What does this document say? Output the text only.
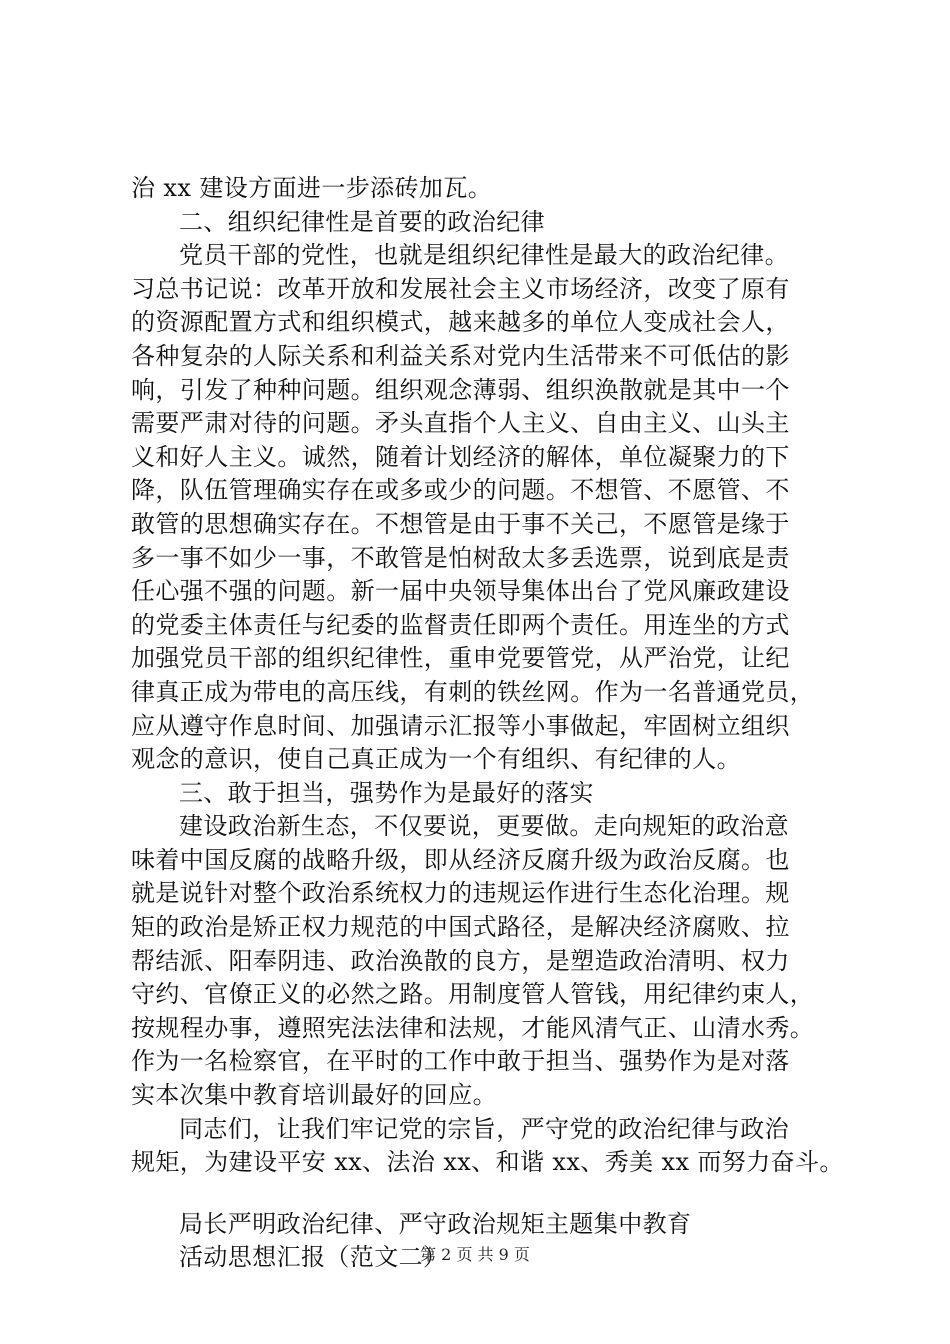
治 xx 建设方面进一步添砖加瓦。
二、组织纪律性是首要的政治纪律
党员干部的党性，也就是组织纪律性是最大的政治纪律。
习总书记说：改革开放和发展社会主义市场经济，改变了原有
的资源配置方式和组织模式，越来越多的单位人变成社会人，
各种复杂的人际关系和利益关系对党内生活带来不可低估的影
响，引发了种种问题。组织观念薄弱、组织涣散就是其中一个
需要严肃对待的问题。矛头直指个人主义、自由主义、山头主
义和好人主义。诚然，随着计划经济的解体，单位凝聚力的下
降，队伍管理确实存在或多或少的问题。不想管、不愿管、不
敢管的思想确实存在。不想管是由于事不关己，不愿管是缘于
多一事不如少一事，不敢管是怕树敌太多丢选票，说到底是责
任心强不强的问题。新一届中央领导集体出台了党风廉政建设
的党委主体责任与纪委的监督责任即两个责任。用连坐的方式
加强党员干部的组织纪律性，重申党要管党，从严治党，让纪
律真正成为带电的高压线，有刺的铁丝网。作为一名普通党员，
应从遵守作息时间、加强请示汇报等小事做起，牢固树立组织
观念的意识，使自己真正成为一个有组织、有纪律的人。
三、敢于担当，强势作为是最好的落实
建设政治新生态，不仅要说，更要做。走向规矩的政治意
味着中国反腐的战略升级，即从经济反腐升级为政治反腐。也
就是说针对整个政治系统权力的违规运作进行生态化治理。规
矩的政治是矫正权力规范的中国式路径，是解决经济腐败、拉
帮结派、阳奉阴违、政治涣散的良方，是塑造政治清明、权力
守约、官僚正义的必然之路。用制度管人管钱，用纪律约束人，
按规程办事，遵照宪法法律和法规，才能风清气正、山清水秀。
作为一名检察官，在平时的工作中敢于担当、强势作为是对落
实本次集中教育培训最好的回应。
同志们，让我们牢记党的宗旨，严守党的政治纪律与政治
规矩，为建设平安 xx、法治 xx、和谐 xx、秀美 xx 而努力奋斗。
局长严明政治纪律、严守政治规矩主题集中教育
活动思想汇报（范文二）
第 2 页 共 9 页
